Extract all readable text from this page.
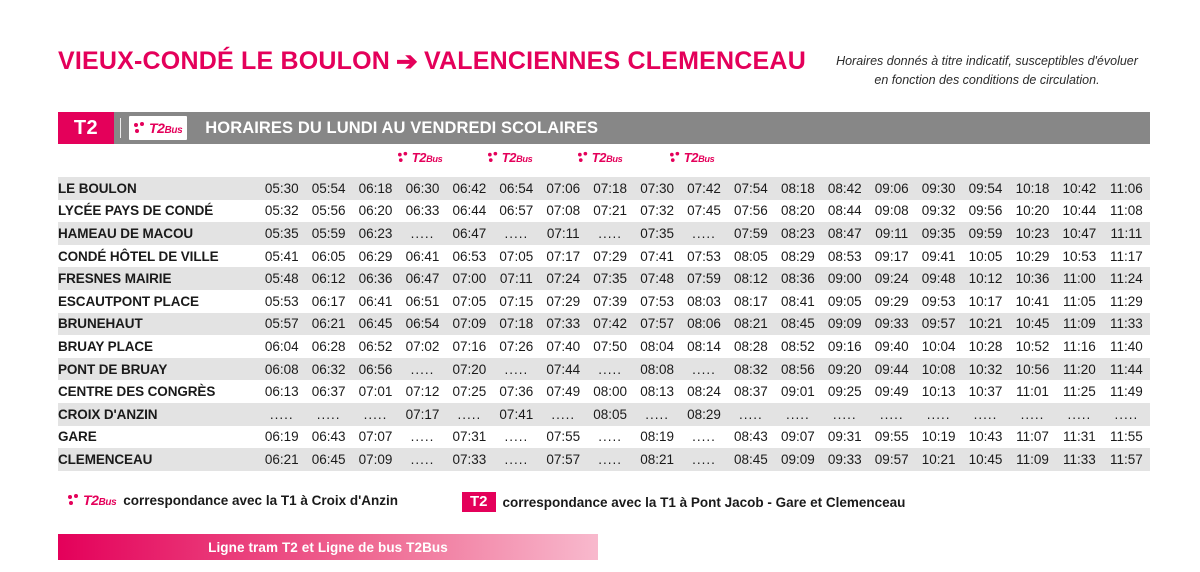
VIEUX-CONDÉ LE BOULON ➔ VALENCIENNES CLEMENCEAU	Horaires donnés à titre indicatif, susceptibles d'évoluer
en fonction des conditions de circulation.
T2	T2Bus HORAIRES DU LUNDI AU VENDREDI SCOLAIRES
T2Bus	T2Bus	T2Bus	T2Bus
LE BOULON	05:30	05:54	06:18	06:30	06:42	06:54	07:06	07:18	07:30	07:42	07:54	08:18	08:42	09:06	09:30	09:54	10:18	10:42	11:06
LYCÉE PAYS DE CONDÉ	05:32	05:56	06:20	06:33	06:44	06:57	07:08	07:21	07:32	07:45	07:56	08:20	08:44	09:08	09:32	09:56	10:20	10:44	11:08
HAMEAU DE MACOU	05:35	05:59	06:23	.....	06:47	.....	07:11	.....	07:35	.....	07:59	08:23	08:47	09:11	09:35	09:59	10:23	10:47	11:11
CONDÉ HÔTEL DE VILLE	05:41	06:05	06:29	06:41	06:53	07:05	07:17	07:29	07:41	07:53	08:05	08:29	08:53	09:17	09:41	10:05	10:29	10:53	11:17
FRESNES MAIRIE	05:48	06:12	06:36	06:47	07:00	07:11	07:24	07:35	07:48	07:59	08:12	08:36	09:00	09:24	09:48	10:12	10:36	11:00	11:24
ESCAUTPONT PLACE	05:53	06:17	06:41	06:51	07:05	07:15	07:29	07:39	07:53	08:03	08:17	08:41	09:05	09:29	09:53	10:17	10:41	11:05	11:29
BRUNEHAUT	05:57	06:21	06:45	06:54	07:09	07:18	07:33	07:42	07:57	08:06	08:21	08:45	09:09	09:33	09:57	10:21	10:45	11:09	11:33
BRUAY PLACE	06:04	06:28	06:52	07:02	07:16	07:26	07:40	07:50	08:04	08:14	08:28	08:52	09:16	09:40	10:04	10:28	10:52	11:16	11:40
PONT DE BRUAY	06:08	06:32	06:56	.....	07:20	.....	07:44	.....	08:08	.....	08:32	08:56	09:20	09:44	10:08	10:32	10:56	11:20	11:44
CENTRE DES CONGRÈS	06:13	06:37	07:01	07:12	07:25	07:36	07:49	08:00	08:13	08:24	08:37	09:01	09:25	09:49	10:13	10:37	11:01	11:25	11:49
CROIX D'ANZIN	.....	.....	.....	07:17	.....	07:41	.....	08:05	.....	08:29	.....	.....	.....	.....	.....	.....	.....	.....	.....
GARE	06:19	06:43	07:07	.....	07:31	.....	07:55	.....	08:19	.....	08:43	09:07	09:31	09:55	10:19	10:43	11:07	11:31	11:55
CLEMENCEAU	06:21	06:45	07:09	.....	07:33	.....	07:57	.....	08:21	.....	08:45	09:09	09:33	09:57	10:21	10:45	11:09	11:33	11:57
T2Bus correspondance avec la T1 à Croix d'Anzin	T2	correspondance avec la T1 à Pont Jacob - Gare et Clemenceau
Ligne tram T2 et Ligne de bus T2Bus
